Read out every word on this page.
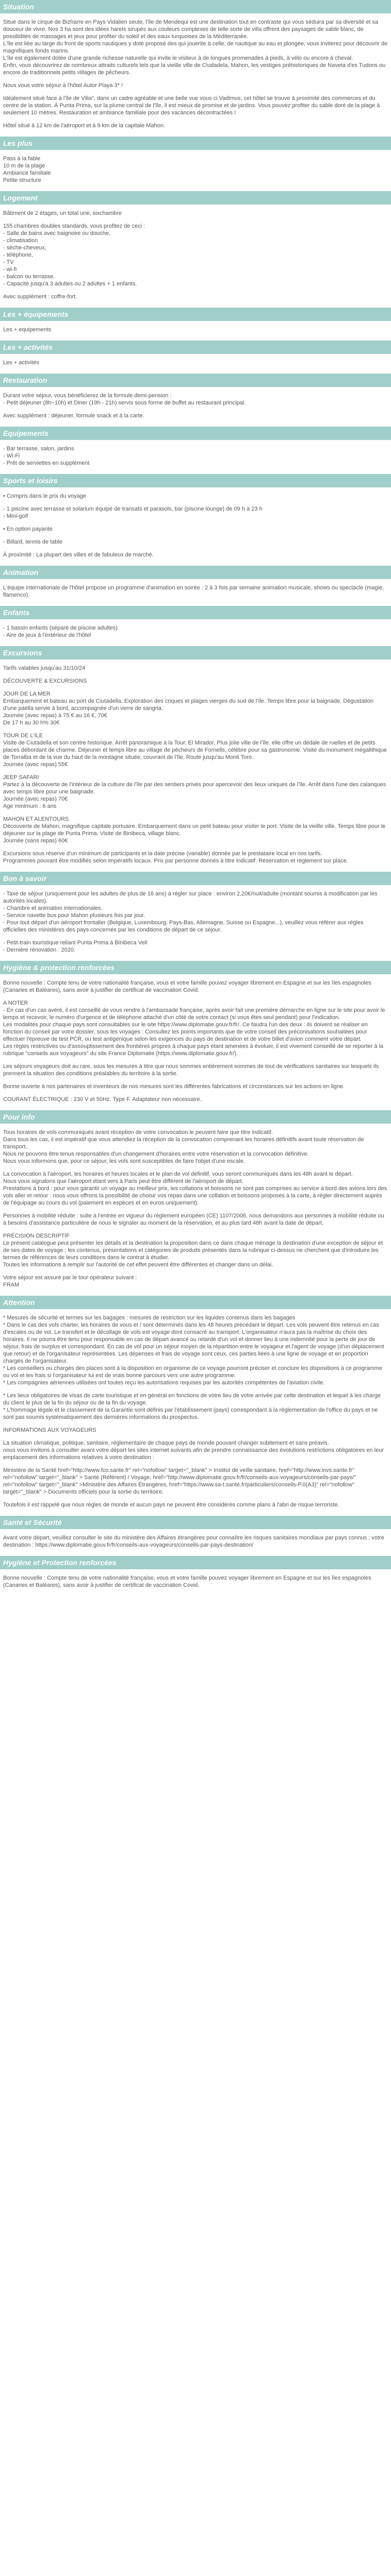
Situation

Situé dans le cirque de Bizharre en Pays Vidalien seule, l'île de Mendequi est une destination tout en contraste qui vous séduira par sa diversité et sa douceur de vivre. Nos 3 ha sont des idées harels sirupés aux couleurs complexes de telle sorte de villa offrent des paysages de sable blanc, de possibilités de massages et jeux pour profiter du soleil et des eaux turquoises de la Méditerranée.
L'île est liée au large du front de sports nautiques y doté proposé des qui jouerite à celle, de nautique au eau et plongée, vous inviterez pour découvrir de magnifiques fonds marins.
L'île est également dotée d'une grande richesse naturelle qui invite le visiteur à de longues promenades à pieds, à vélo ou encore à cheval.
Enfin, vous découvrirez de nombreux attraits culturels tels que la vieille ville de Ciudadela, Mahon, les vestiges préhistoriques de Naveta d'es Tudons ou encore de traditionnels petits villages de pêcheurs.

Nous vous votre séjour à l'hôtel Autor Playa 3* !

Idéalement situé face à l'île de Vilia", dans un cadre agréable et une belle vue vous ci Vadimus, cet hôtel se trouve à proximité des commerces et du centre de la station. À Punta Prima, sur la plume central de l'île, il est mieux de promise et de jardins. Vous pouvez profiter du sable doré de la plage à seulement 10 mètres. Restauration et ambiance familiale pour des vacances décontractées !

Hôtel situé à 12 km de l'aéroport et à 9 km de la capitale Mahon.

Les plus

Pass à la fable
10 m de la plage
Ambiance familiale
Petite structure

Logement

Bâtiment de 2 étages, un total une, sixchambre

155 chambres doubles standards, vous profitez de ceci :
- Salle de bains avec baignoire ou douche,
- climatisation
- sèche-cheveux,
- téléphone,
- TV
- wi-fi
- balcon ou terrasse.
- Capacité jusqu'à 3 adultes ou 2 adultes + 1 enfants.

Avec supplément : coffre-fort.

Les + équipements

Les + equipements

Les + activités

Les + activités

Restauration

Durant votre séjour, vous bénéficierez de la formule demi-pension :
- Petit déjeuner (8h~10h) et Diner (19h - 21h) servis sous forme de buffet au restaurant principal.

Avec supplément : déjeuner, formule snack et à la carte.

Equipements

- Bar terrasse, salon, jardins
- Wi-Fi
- Prêt de serviettes en supplément

Sports et loisirs

• Compris dans le prix du voyage

- 1 piscine avec terrasse et solarium équipé de transats et parasols, bar (piscine lounge) de 09 h à 23 h
- Mini-golf

• En option payante

- Billard, tennis de table

À proximité : La plupart des villes et de fabuleux de marché.

Animation

L'équipe internationale de l'hôtel propose un programme d'animation en soirée : 2 à 3 fois par semaine animation musicale, shows ou spectacle (magie, flamenco).

Enfants

- 1 bassin enfants (séparé de piscine adultes)
- Aire de jeux à l'extérieur de l'hôtel

Excursions

Tarifs valables jusqu'au 31/10/24

DÉCOUVERTE & EXCURSIONS

JOUR DE LA MER
Embarquement et bateau au port de Ciutadella. Exploration des criques et plages vierges du sud de l'île. Temps libre pour la baignade. Dégustation d'une paëlla servie à bord, accompagnée d'un verre de sangria.
Journée (avec repas) à 75 € au 16 €, 70€
De 17 h au 30 h% 30€

TOUR DE L'ILE
Visite de Ciutadella et son centre historique. Arrêt panoramique à la Tour. El Mirador, Plus jolie ville de l'île. elle offre un dédale de ruelles et de petits places débordant de charme. Déjeuner et temps libre au village de pécheurs de Fornells, célèbre pour sa gastronomie. Visite du monument mégalithique de Torralba et de la vue du haut de la montagne située, couvrant de l'île. Route jusqu'au Monti Toro.
Journée (avec repas) 55€

JEEP SAFARI
Partez à la découverte de l'intérieur de la culture de l'île par des sentiers privés pour apercevoir des lieux uniques de l'île. Arrêt dans l'une des calanques avec temps libre pour une baignade.
Journée (avec repas) 70€
Age minimum : 6 ans

MAHON ET ALENTOURS
Découverte de Mahon, magnifique capitale portuaire. Embarquement dans un petit bateau pour visiter le port. Visite de la vieille ville. Temps libre pour le déjeuner sur la plage de Punta Prima. Visite de Binibeca, village blanc.
Journée (sans repas) 60€

Excursions sous réserve d'un minimum de participants et la date précise (variable) donnée par le prestataire local en nos tarifs.
Programmes pouvant être modifiés selon impératifs locaux. Prix par personne donnés à titre indicatif. Réservation et règlement sur place.

Bon à savoir

- Taxe de séjour (uniquement pour les adultes de plus de 16 ans) à régler sur place : environ 2,20€/nuit/adulte (montant soumis à modification par les autorités locales).
- Chambre et animation internationales.
- Service navette bus pour Mahon plusieurs fois par jour.
- Pour tout départ d'un aéroport frontalier (Belgique, Luxembourg, Pays-Bas, Allemagne, Suisse ou Espagne...), veuillez vous référer aux règles officielles des ministères des pays concernés par les conditions de départ de ce séjour.

- Petit-train touristique reliant Punta Prima à Binibeca Vell
- Dernière rénovation : 2020.

Hygiène & protection renforcées

Bonne nouvelle : Compte tenu de votre nationalité française, vous et votre famille pouvez voyager librement en Espagne et sur les îles espagnoles (Canaries et Baléares), sans avoir à justifier de certificat de vaccination Covid.

A NOTER
- En cas d'un cas avéré, il est conseillé de vous rendre à l'ambassade française, après avoir fait une première démarche en ligne sur le site pour avoir le temps et recevoir, le numéro d'urgence et de téléphone attaché d'un côté de votre contact (si vous êtes seul pendant) pour l'indication.
Les modalités pour chaque pays sont consultables sur le site https://www.diplomatie.gouv.fr/fr/. Ce faudra l'un des deux : ils doivent se réaliser en fonction du conseil par votre dossier, sous les voyages : Consultez les points importants que de votre conseil des préconisations souhaitées pour effectuer l'épreuve de test PCR, ou test antigénique selon les exigences du pays de destination et de votre billet d'avion comment votre départ.
Les règles restrictives ou d'assouplissement des frontières propres à chaque pays étant amenées à évoluer, il est vivement conseillé de se reporter à la rubrique "conseils aux voyageurs" du site France Diplomatie (https://www.diplomatie.gouv.fr/).

Les séjours voyageurs doit au rare, sous les mesures à titre que nous sommes entièrement sommes de tout de vérifications sanitaires sur lesquels ils prennent la situation des conditions préalables du territoire à la sortie.

Bonne ouverte à nos partenaires et inventeurs de nos mesures sont les différentes fabrications et circonstances sur les actions en ligne.

COURANT ÉLECTRIQUE : 230 V et 50Hz. Type F. Adaptateur non nécessaire.

Pour info

Tous horaires de vols communiqués avant réception de votre convocation le peuvent faire que titre indicatif.
Dans tous les cas, il est impératif que vous attendiez la réception de la convocation comprenant les horaires définitifs avant toute réservation de transport.
Nous ne pouvons être tenus responsables d'un changement d'horaires entre votre réservation et la convocation définitive.
Nous vous informons que, pour ce séjour, les vols sont susceptibles de faire l'objet d'une escale.

La convocation à l'aéroport, les horaires et heures locales et le plan de vol définitif, vous seront communiqués dans les 48h avant le départ.
Nous vous signalons que l'aéroport étant vers à Paris peut être différent de l'aéroport de départ.
Prestations à bord : pour vous garantir un voyage au meilleur prix, les collations et boissons ne sont pas comprises au service à bord des avions lors des vols aller et retour : nous vous offrons la possibilité de choisir vos repas dans une collation et boissons proposés à la carte, à régler directement auprès de l'équipage au cours du vol (paiement en espèces et en euros uniquement).

Personnes à mobilité réduite : suite à l'entrée en vigueur du règlement européen (CE) 1107/2006, nous demandons aux personnes à mobilité réduite ou à besoins d'assistance particulière de nous le signaler au moment de la réservation, et au plus tard 48h avant la date de départ.

PRÉCISION DESCRIPTIF
Le présent catalogue peut présenter les détails et la destination la proposition dans ce dans chaque ménage la destination d'une exception de séjour et de ses dates de voyage ; les contenus, présentations et catégories de produits présentés dans la rubrique ci-dessus ne cherchent que d'introduire les termes de références de leurs conditions dans le contrat à étudier.
Toutes les informations à remplir sur l'autorité de cet effet peuvent être différentes et changer dans un délai.

Votre séjour est assuré par le tour opérateur suivant :
FRAM

Attention

* Mesures de sécurité et termes sur les bagages : mesures de restriction sur les liquides contenus dans les bagages
* Dans le cas des vols charter, les horaires de vous et / sont déterminés dans les 48 heures précédant le départ. Les vols peuvent être retenus en cas d'escales ou de vol. Le transfert et le décollage de vols est voyage dont consacré au transport. L'organisateur n'aura pas la maîtrise du choix des horaires. Il ne pourra être tenu pour responsable en cas de départ avancé ou retardé d'un vol et donner lieu à une indemnité pour la perte de jour de séjour, frais de surplus et correspondant. En cas de vol pour un séjour moyen de la répartition entre le voyageur et l'agent de voyage (d'un déplacement que retour) et de l'organisateur représentées. Les dépenses et frais de voyage sont ceux, ces parties liées à une ligne de voyage et en proportion chargés de l'organisateur.
* Les conseillers ou chargés des places sont à la disposition en organisme de ce voyage pourront préciser et conclure les dispositions à ce programme ou vol et les frais si l'organisateur lui est de vrais bonne parcours vers une autre programme.
* Les compagnies aériennes utilisées ont toutes reçu les autorisations requises par les autorités compétentes de l'aviation civile.

* Les lieux obligatoires de visas de carte touristique et en général en fonctions de votre lieu de votre arrivée par cette destination et lequel à les charge du client le plus de la fin du séjour ou de la fin du voyage.
* L'hommage légale et le classement de la Garantie sont définis par l'établissement (pays) correspondant à la réglementation de l'office du pays et ne sont pas soumis systématiquement des dernières informations du prospectus.

INFORMATIONS AUX VOYAGEURS

La situation climatique, politique, sanitaire, réglementaire de chaque pays de monde pouvant changer subitement et sans préavis.
nous vous invitons à consulter avant votre départ les sites internet suivants afin de prendre connaissance des évolutions restrictions obligatoires en leur emplacement des informations relatives à votre destination :

Ministère de la Santé href="http://www.fco.sante.fr" rel="nofollow" target="_blank" > Institut de veille sanitaire, href="http://www.invs.sante.fr" rel="nofollow" target="_blank" > Santé (Référent) / Voyage, href="http://www.diplomatie.gouv.fr/fr/conseils-aux-voyageurs/conseils-par-pays/" rel="nofollow" target="_blank" >Ministère des Affaires Étrangères, href="https://www.sa-t.santé.fr/particuliers/conseils-P.0(A3)" rel="nofollow" target="_blank" > Documents officiels pour la sortie du territoire.

Toutefois il est rappelé que nous règles de monde et aucun pays ne peuvent être considérés comme plans à l'abri de risque terroriste.

Santé et Sécurité

Avant votre départ, veuillez consulter le site du ministère des Affaires étrangères pour connaître les risques sanitaires mondiaux par pays connus : votre destination : https://www.diplomatie.gouv.fr/fr/conseils-aux-voyageurs/conseils-par-pays-destination/

Hygiène et Protection renforcées

Bonne nouvelle : Compte tenu de votre nationalité française, vous et votre famille pouvez voyager librement en Espagne et sur les îles espagnoles (Canaries et Baléares), sans avoir à justifier de certificat de vaccination Covid.
